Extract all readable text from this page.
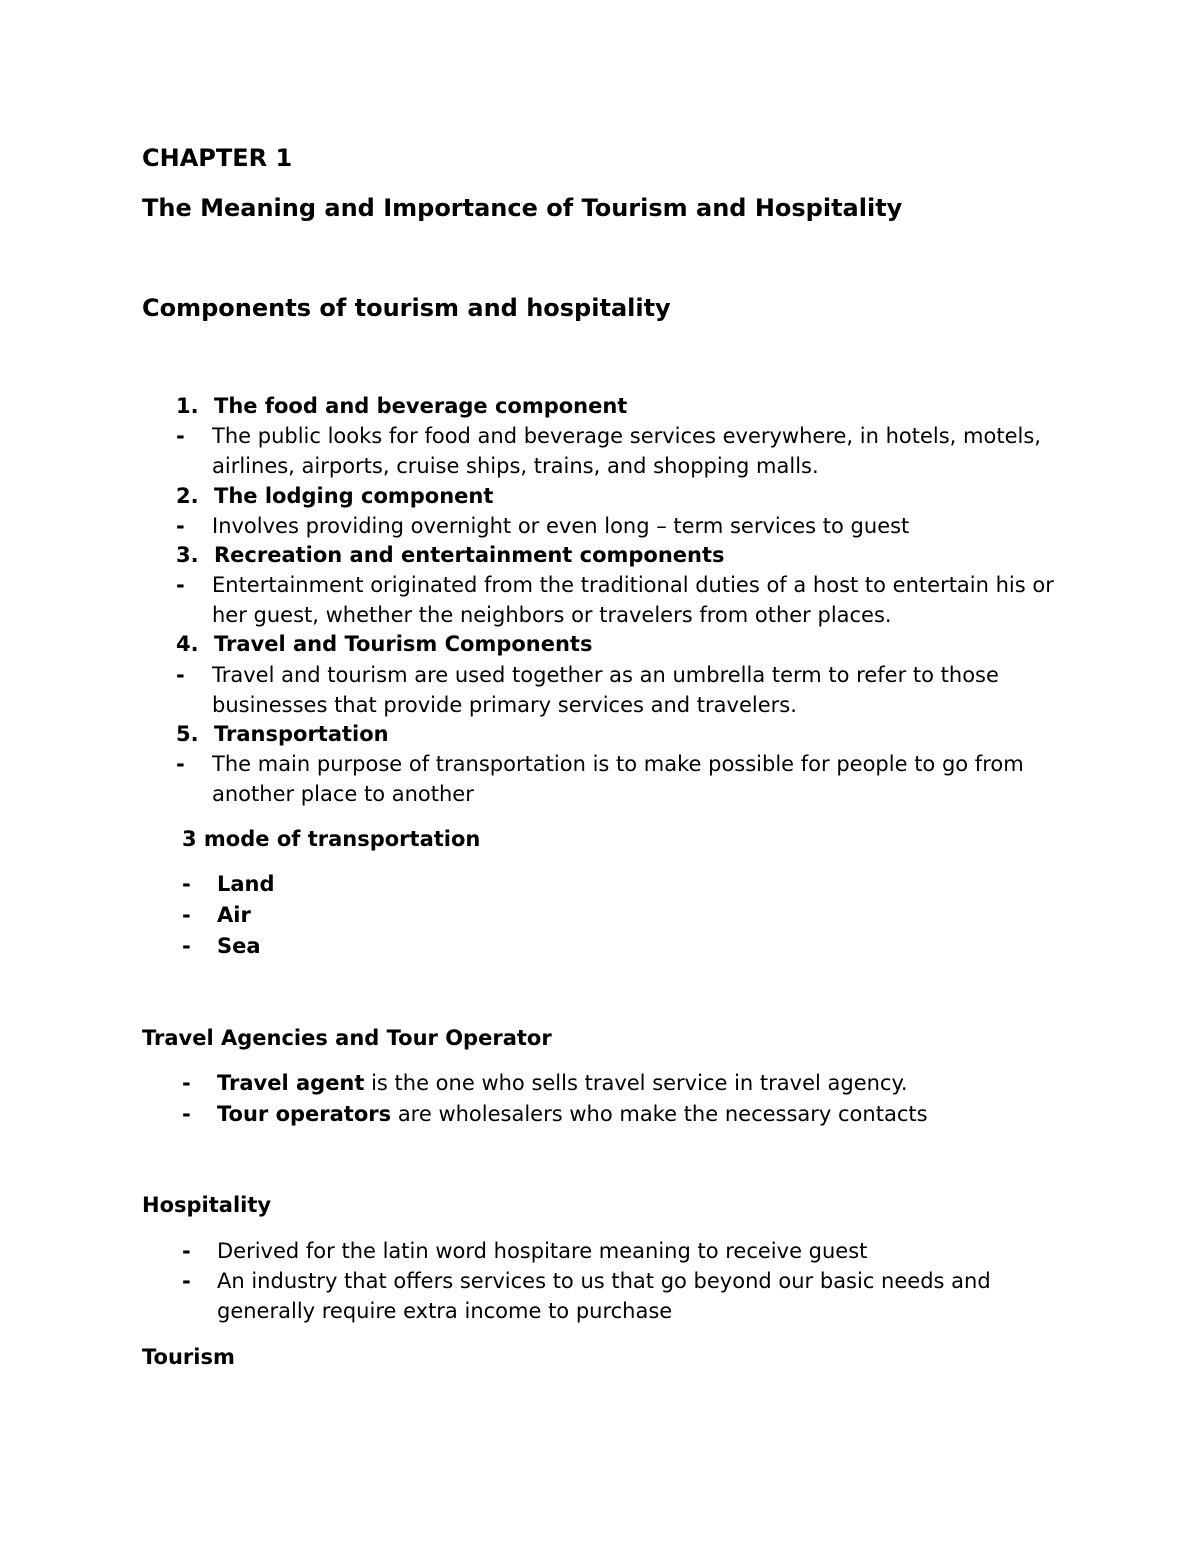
CHAPTER 1
The Meaning and Importance of Tourism and Hospitality
Components of tourism and hospitality
1. The food and beverage component
- The public looks for food and beverage services everywhere, in hotels, motels,
airlines, airports, cruise ships, trains, and shopping malls.
2. The lodging component
- Involves providing overnight or even long – term services to guest
3. Recreation and entertainment components
- Entertainment originated from the traditional duties of a host to entertain his or
her guest, whether the neighbors or travelers from other places.
4. Travel and Tourism Components
- Travel and tourism are used together as an umbrella term to refer to those
businesses that provide primary services and travelers.
5. Transportation
- The main purpose of transportation is to make possible for people to go from
another place to another
3 mode of transportation
- Land
- Air
- Sea
Travel Agencies and Tour Operator
- Travel agent is the one who sells travel service in travel agency.
- Tour operators are wholesalers who make the necessary contacts
Hospitality
- Derived for the latin word hospitare meaning to receive guest
- An industry that offers services to us that go beyond our basic needs and
generally require extra income to purchase
Tourism
